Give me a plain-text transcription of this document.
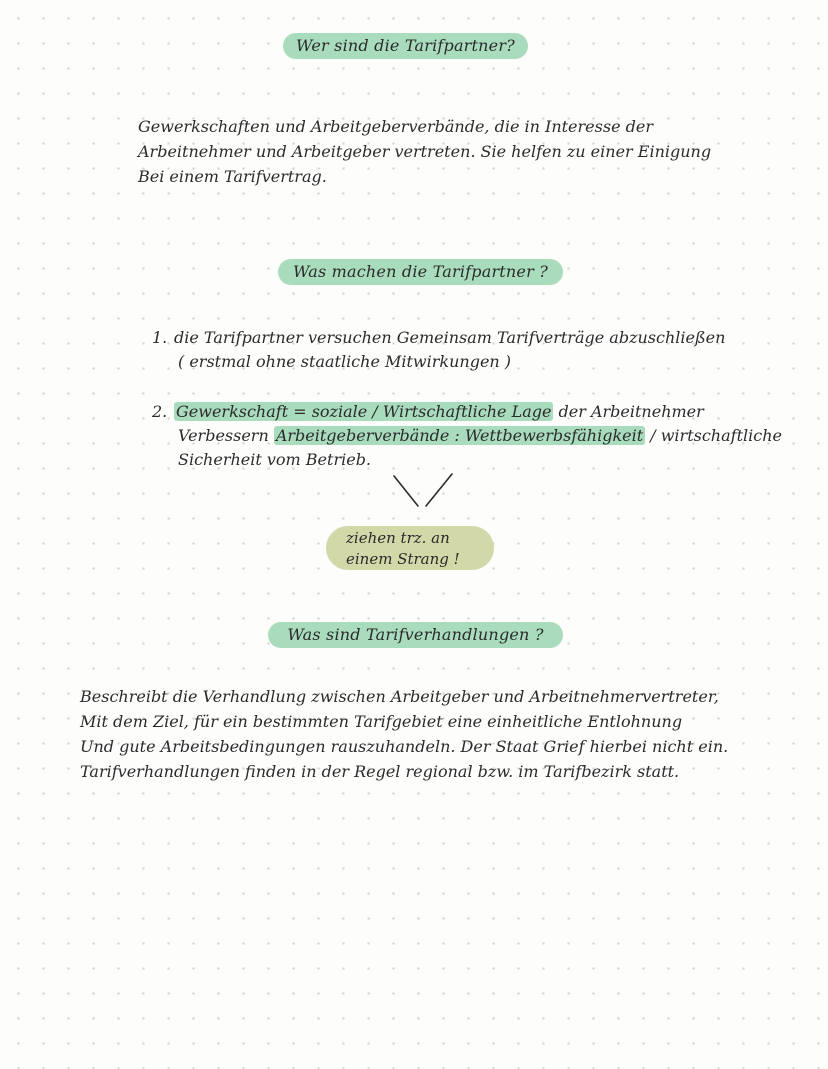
Wer sind die Tarifpartner?
Gewerkschaften und Arbeitgeberverbände, die in Interesse der
Arbeitnehmer und Arbeitgeber vertreten. Sie helfen zu einer Einigung
Bei einem Tarifvertrag.
Was machen die Tarifpartner ?
1. die Tarifpartner versuchen Gemeinsam Tarifverträge abzuschließen
( erstmal ohne staatliche Mitwirkungen )
2. Gewerkschaft = soziale / Wirtschaftliche Lage der Arbeitnehmer
Verbessern Arbeitgeberverbände : Wettbewerbsfähigkeit / wirtschaftliche
Sicherheit vom Betrieb.
ziehen trz. an
einem Strang !
Was sind Tarifverhandlungen ?
Beschreibt die Verhandlung zwischen Arbeitgeber und Arbeitnehmervertreter,
Mit dem Ziel, für ein bestimmten Tarifgebiet eine einheitliche Entlohnung
Und gute Arbeitsbedingungen rauszuhandeln. Der Staat Grief hierbei nicht ein.
Tarifverhandlungen finden in der Regel regional bzw. im Tarifbezirk statt.
